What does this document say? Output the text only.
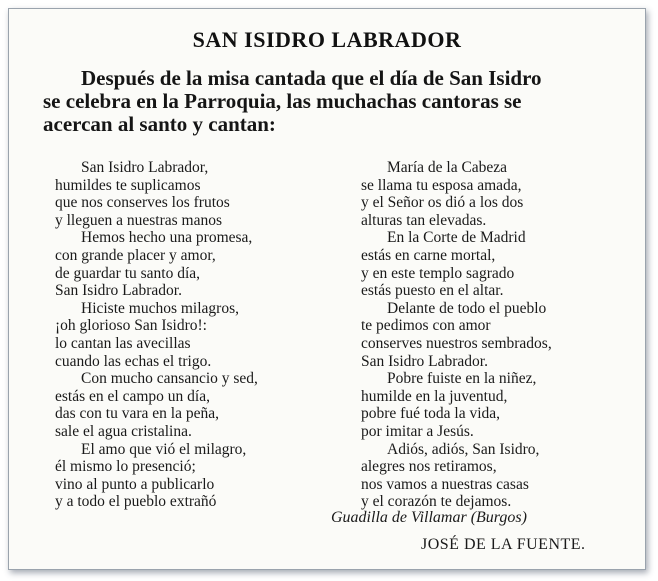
SAN ISIDRO LABRADOR
Después de la misa cantada que el día de San Isidro
se celebra en la Parroquia, las muchachas cantoras se
acercan al santo y cantan:
San Isidro Labrador,
humildes te suplicamos
que nos conserves los frutos
y lleguen a nuestras manos
Hemos hecho una promesa,
con grande placer y amor,
de guardar tu santo día,
San Isidro Labrador.
Hiciste muchos milagros,
¡oh glorioso San Isidro!:
lo cantan las avecillas
cuando las echas el trigo.
Con mucho cansancio y sed,
estás en el campo un día,
das con tu vara en la peña,
sale el agua cristalina.
El amo que vió el milagro,
él mismo lo presenció;
vino al punto a publicarlo
y a todo el pueblo extrañó
María de la Cabeza
se llama tu esposa amada,
y el Señor os dió a los dos
alturas tan elevadas.
En la Corte de Madrid
estás en carne mortal,
y en este templo sagrado
estás puesto en el altar.
Delante de todo el pueblo
te pedimos con amor
conserves nuestros sembrados,
San Isidro Labrador.
Pobre fuiste en la niñez,
humilde en la juventud,
pobre fué toda la vida,
por imitar a Jesús.
Adiós, adiós, San Isidro,
alegres nos retiramos,
nos vamos a nuestras casas
y el corazón te dejamos.
Guadilla de Villamar (Burgos)
JOSÉ DE LA FUENTE.
